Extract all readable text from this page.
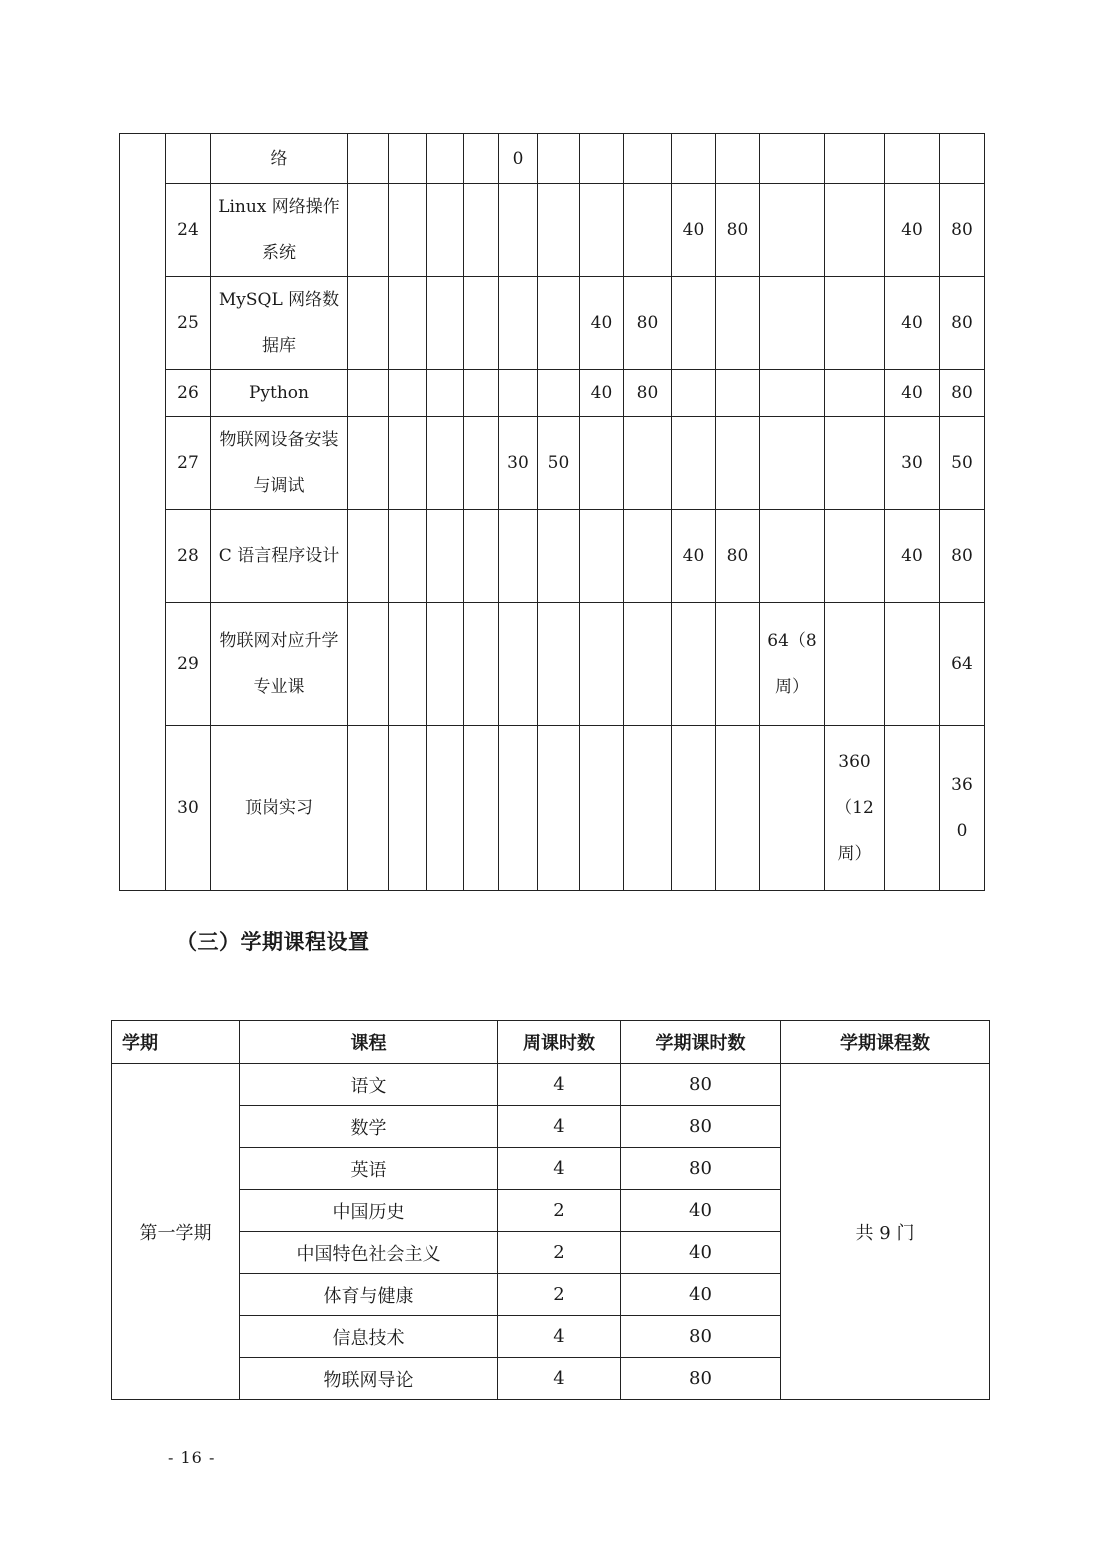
		络					0									
	24	Linux 网络操作系统									40	80			40	80
	25	MySQL 网络数据库							40	80					40	80
	26	Python							40	80					40	80
	27	物联网设备安装与调试					30	50							30	50
	28	C 语言程序设计									40	80			40	80
	29	物联网对应升学专业课											64（8周）			64
	30	顶岗实习												360（12周）		360
（三）学期课程设置
学期	课程	周课时数	学期课时数	学期课程数
第一学期	语文	4	80	共 9 门
	数学	4	80	
	英语	4	80	
	中国历史	2	40	
	中国特色社会主义	2	40	
	体育与健康	2	40	
	信息技术	4	80	
	物联网导论	4	80	

- 16 -
